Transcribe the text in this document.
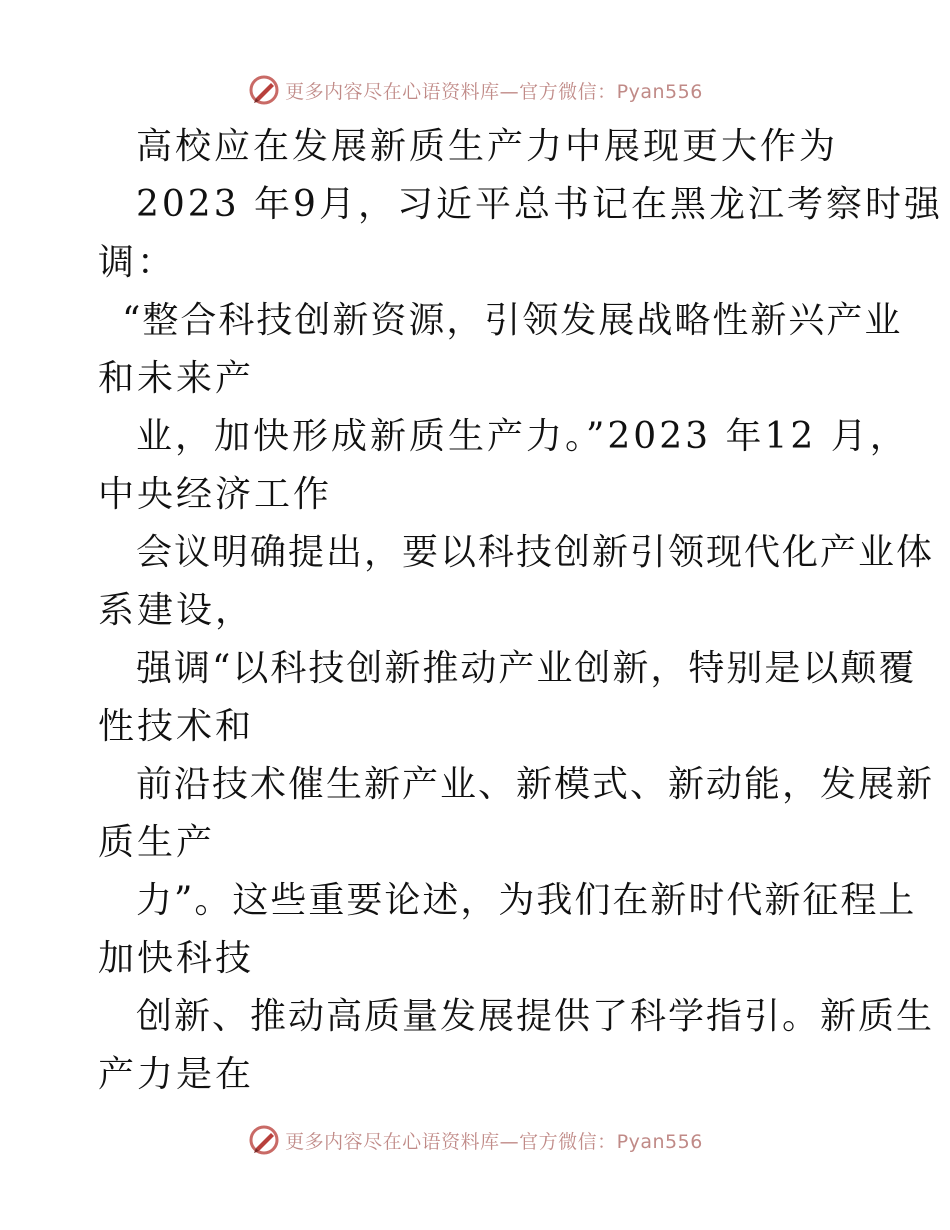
更多内容尽在心语资料库—官方微信：Pyan556
高校应在发展新质生产力中展现更大作为
2023 年9月，习近平总书记在黑龙江考察时强
调：
“整合科技创新资源，引领发展战略性新兴产业
和未来产
业，加快形成新质生产力。”2023 年12 月，
中央经济工作
会议明确提出，要以科技创新引领现代化产业体
系建设，
强调“以科技创新推动产业创新，特别是以颠覆
性技术和
前沿技术催生新产业、新模式、新动能，发展新
质生产
力”。这些重要论述，为我们在新时代新征程上
加快科技
创新、推动高质量发展提供了科学指引。新质生
产力是在
更多内容尽在心语资料库—官方微信：Pyan556
